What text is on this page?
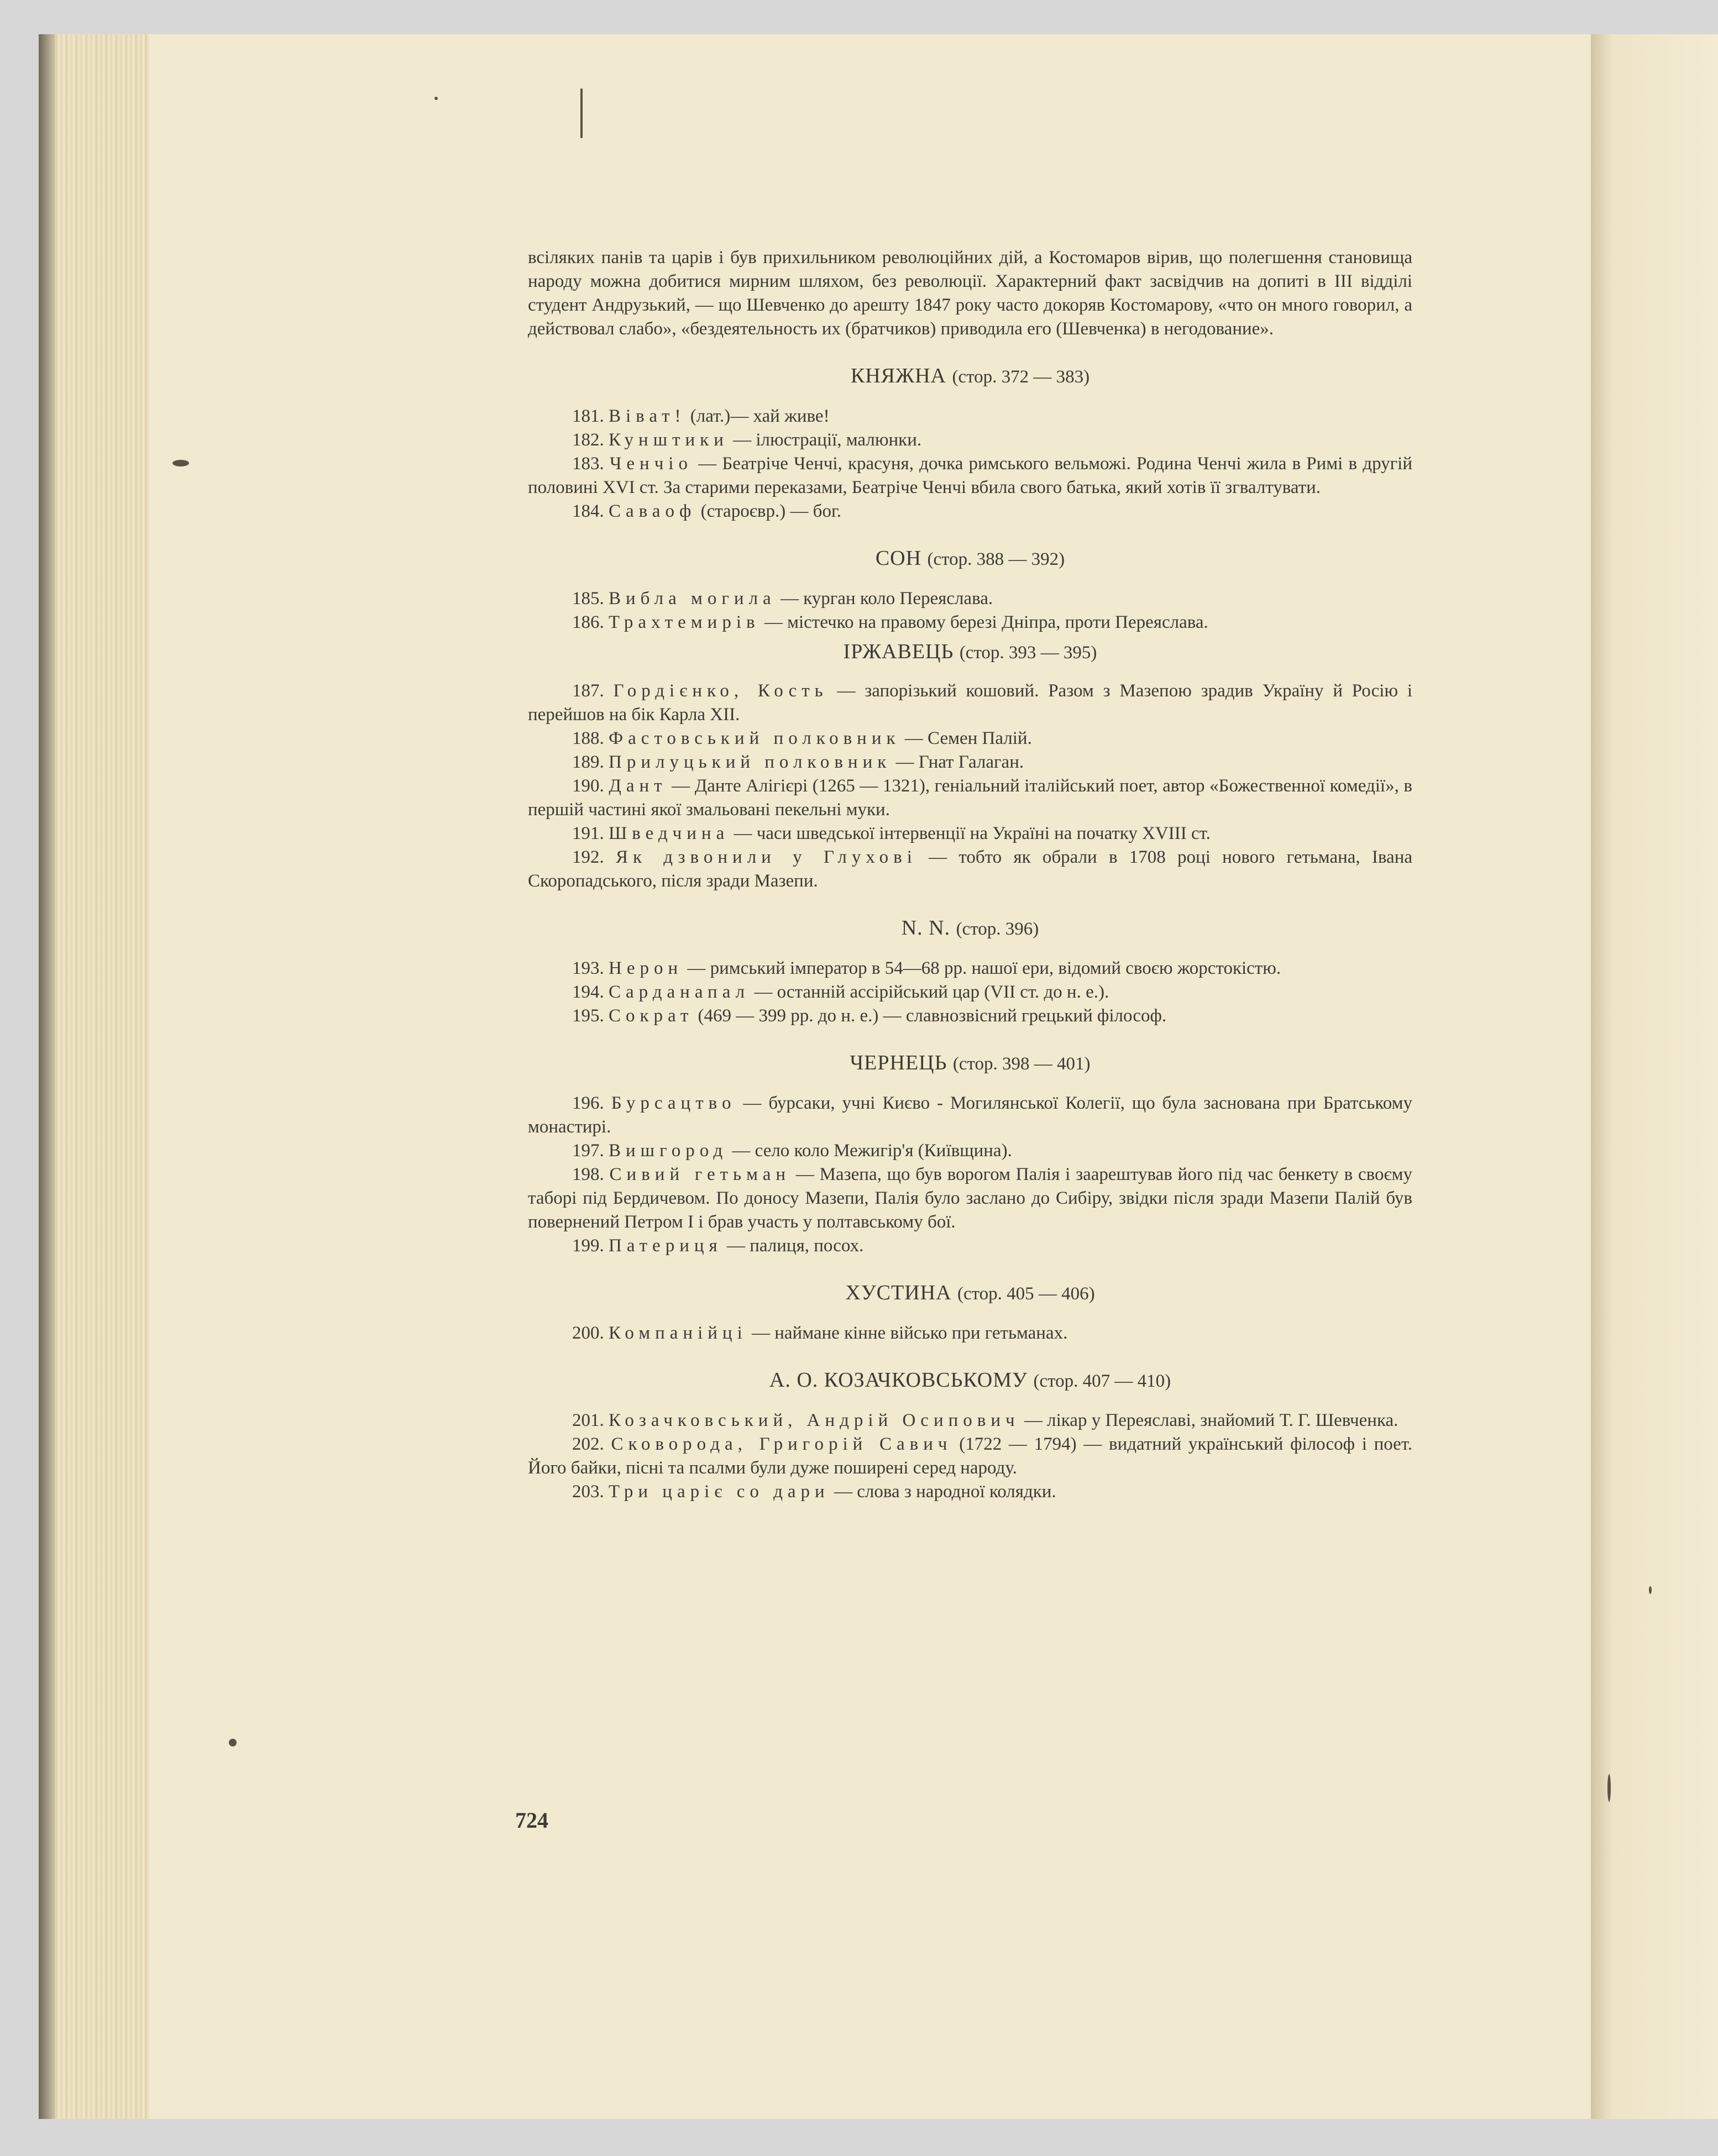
всіляких панів та царів і був прихильником революційних дій, а Костомаров вірив, що полегшення становища народу можна добитися мирним шляхом, без революції. Характерний факт засвідчив на допиті в III відділі студент Андрузький, — що Шевченко до арешту 1847 року часто докоряв Костомарову, «что он много говорил, а действовал слабо», «бездеятельность их (братчиков) приводила его (Шевченка) в негодование».

КНЯЖНА (стор. 372 — 383)

181. Віват! (лат.)— хай живе!

182. Кунштики — ілюстрації, малюнки.

183. Ченчіо — Беатріче Ченчі, красуня, дочка римського вельможі. Родина Ченчі жила в Римі в другій половині XVI ст. За старими переказами, Беатріче Ченчі вбила свого батька, який хотів її згвалтувати.

184. Саваоф (староєвр.) — бог.

СОН (стор. 388 — 392)

185. Вибла могила — курган коло Переяслава.

186. Трахтемирів — містечко на правому березі Дніпра, проти Переяслава.

ІРЖАВЕЦЬ (стор. 393 — 395)

187. Гордієнко, Кость — запорізький кошовий. Разом з Мазепою зрадив Україну й Росію і перейшов на бік Карла XII.

188. Фастовський полковник — Семен Палій.

189. Прилуцький полковник — Гнат Галаган.

190. Дант — Данте Алігієрі (1265 — 1321), геніальний італійський поет, автор «Божественної комедії», в першій частині якої змальовані пекельні муки.

191. Шведчина — часи шведської інтервенції на Україні на початку XVIII ст.

192. Як дзвонили у Глухові — тобто як обрали в 1708 році нового гетьмана, Івана Скоропадського, після зради Мазепи.

N. N. (стор. 396)

193. Нерон — римський імператор в 54—68 рр. нашої ери, відомий своєю жорстокістю.

194. Сарданапал — останній ассірійський цар (VII ст. до н. е.).

195. Сократ (469 — 399 рр. до н. е.) — славнозвісний грецький філософ.

ЧЕРНЕЦЬ (стор. 398 — 401)

196. Бурсацтво — бурсаки, учні Києво - Могилянської Колегії, що була заснована при Братському монастирі.

197. Вишгород — село коло Межигір'я (Київщина).

198. Сивий гетьман — Мазепа, що був ворогом Палія і заарештував його під час бенкету в своєму таборі під Бердичевом. По доносу Мазепи, Палія було заслано до Сибіру, звідки після зради Мазепи Палій був повернений Петром I і брав участь у полтавському бої.

199. Патериця — палиця, посох.

ХУСТИНА (стор. 405 — 406)

200. Компанійці — наймане кінне військо при гетьманах.

А. О. КОЗАЧКОВСЬКОМУ (стор. 407 — 410)

201. Козачковський, Андрій Осипович — лікар у Переяславі, знайомий Т. Г. Шевченка.

202. Сковорода, Григорій Савич (1722 — 1794) — видатний український філософ і поет. Його байки, пісні та псалми були дуже поширені серед народу.

203. Три царіє со дари — слова з народної колядки.

724
